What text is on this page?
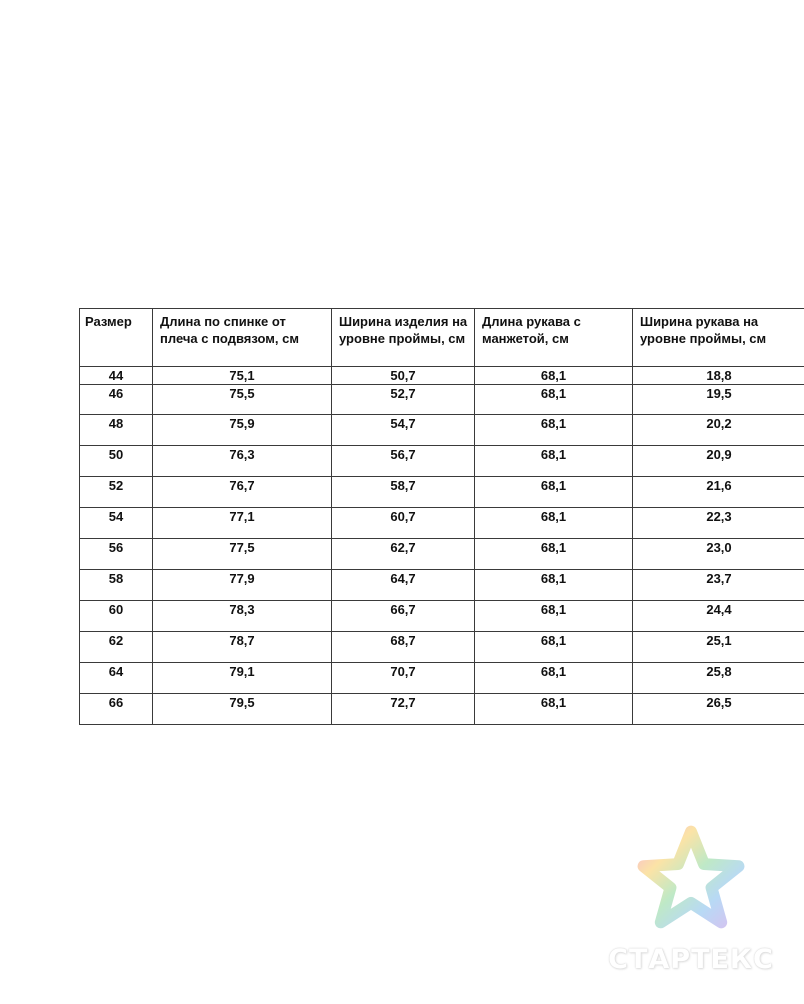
Размер	Длина по спинке от плеча с подвязом, см	Ширина изделия на уровне проймы, см	Длина рукава с манжетой, см	Ширина рукава на уровне проймы, см
44	75,1	50,7	68,1	18,8
46	75,5	52,7	68,1	19,5
48	75,9	54,7	68,1	20,2
50	76,3	56,7	68,1	20,9
52	76,7	58,7	68,1	21,6
54	77,1	60,7	68,1	22,3
56	77,5	62,7	68,1	23,0
58	77,9	64,7	68,1	23,7
60	78,3	66,7	68,1	24,4
62	78,7	68,7	68,1	25,1
64	79,1	70,7	68,1	25,8
66	79,5	72,7	68,1	26,5
СТАРТЕКС
